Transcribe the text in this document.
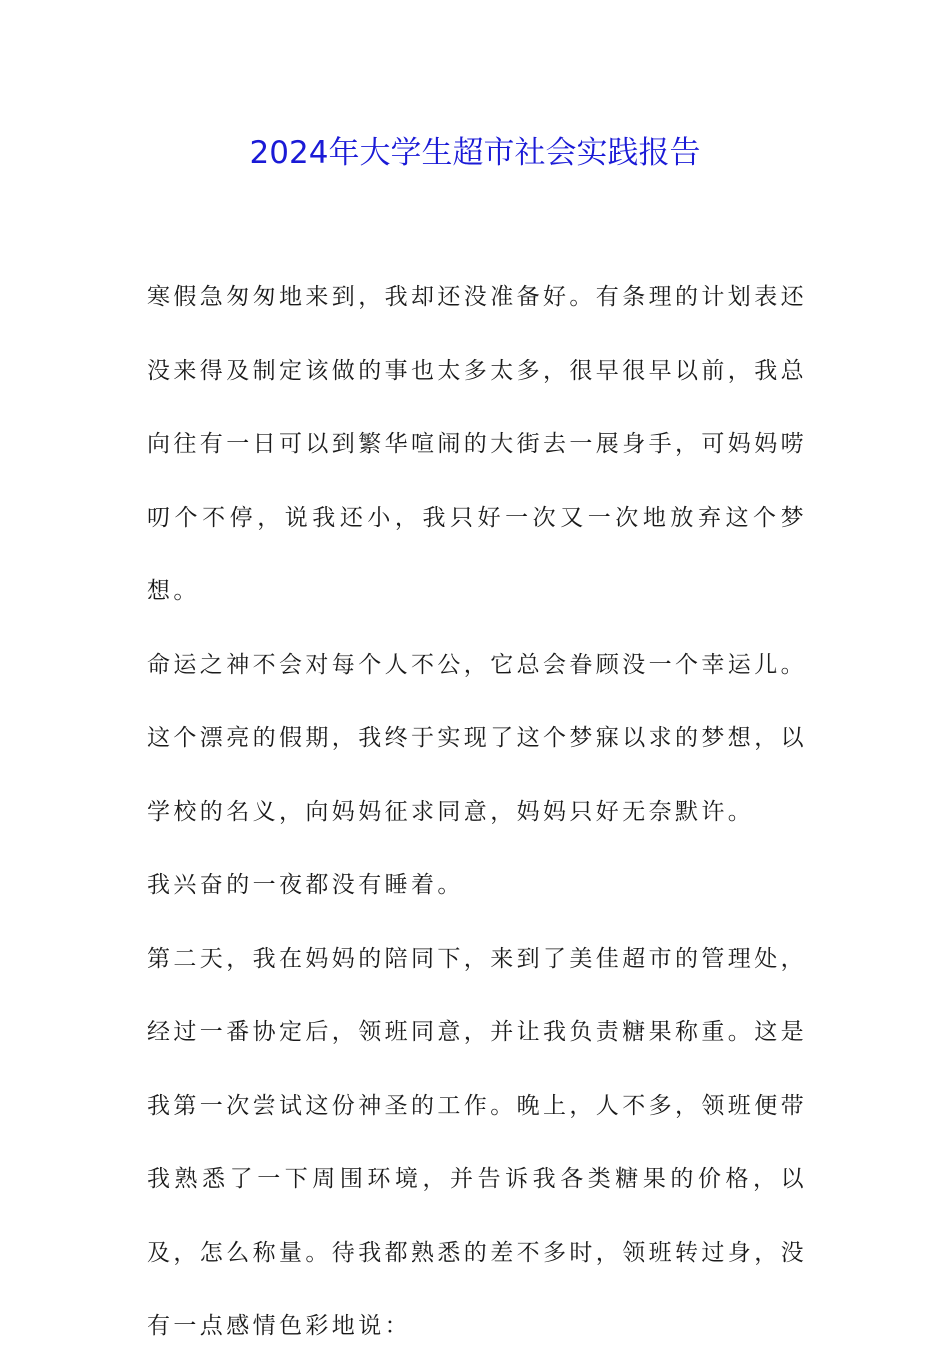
2024年大学生超市社会实践报告

寒假急匆匆地来到，我却还没准备好。有条理的计划表还没来得及制定该做的事也太多太多，很早很早以前，我总向往有一日可以到繁华喧闹的大街去一展身手，可妈妈唠叨个不停，说我还小，我只好一次又一次地放弃这个梦想。

命运之神不会对每个人不公，它总会眷顾没一个幸运儿。这个漂亮的假期，我终于实现了这个梦寐以求的梦想，以学校的名义，向妈妈征求同意，妈妈只好无奈默许。

我兴奋的一夜都没有睡着。

第二天，我在妈妈的陪同下，来到了美佳超市的管理处，经过一番协定后，领班同意，并让我负责糖果称重。这是我第一次尝试这份神圣的工作。晚上，人不多，领班便带我熟悉了一下周围环境，并告诉我各类糖果的价格，以及，怎么称量。待我都熟悉的差不多时，领班转过身，没有一点感情色彩地说：
